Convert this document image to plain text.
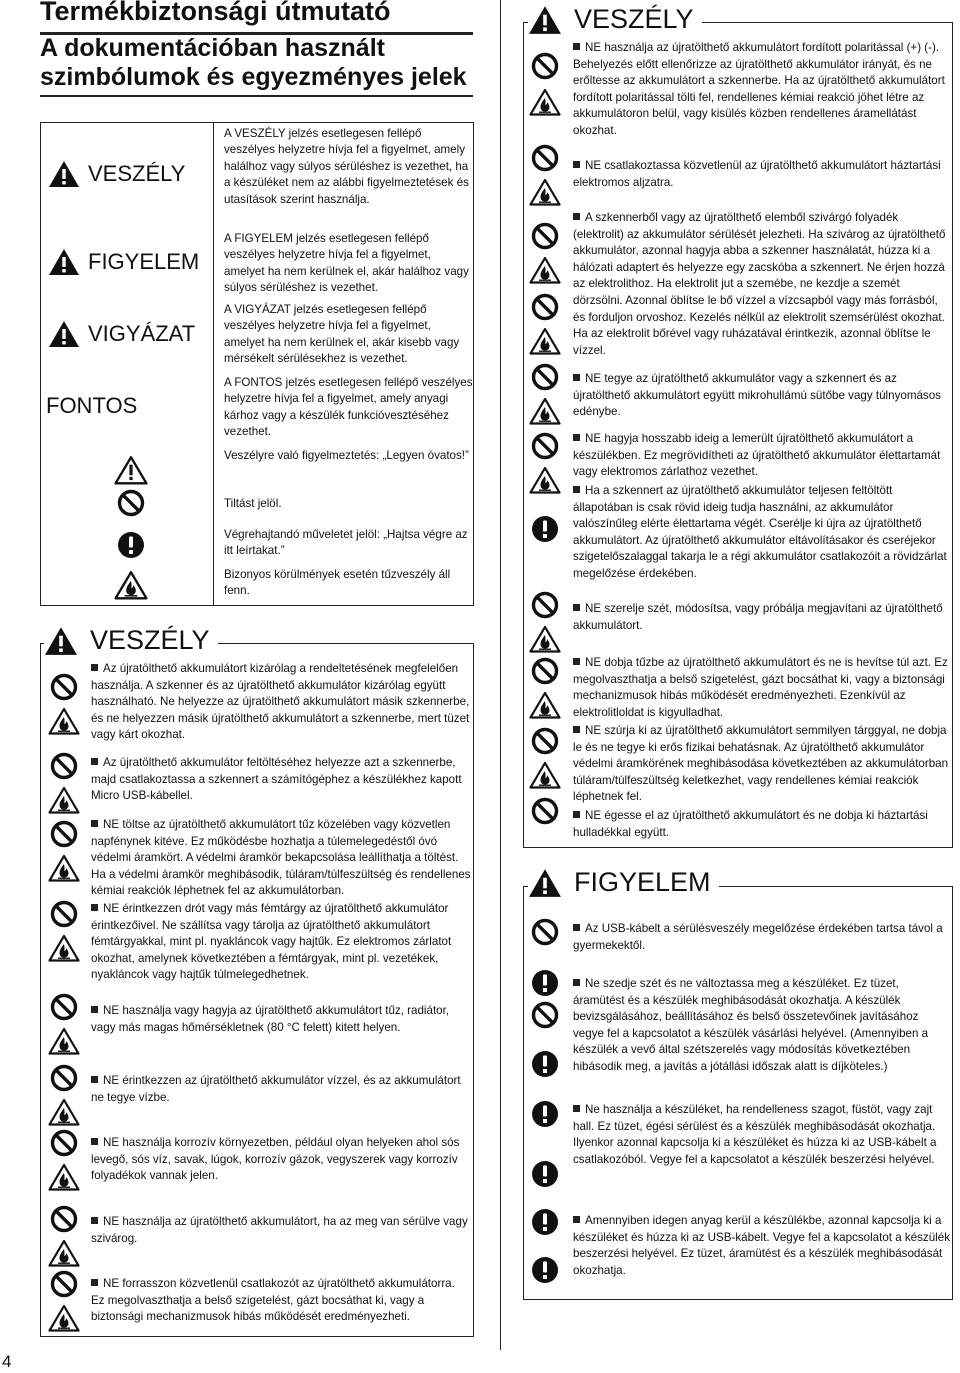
Termékbiztonsági útmutató
A dokumentációban használt szimbólumok és egyezményes jelek
VESZÉLY
FIGYELEM
VIGYÁZAT
FONTOS
A VESZÉLY jelzés esetlegesen fellépő veszélyes helyzetre hívja fel a figyelmet, amely halálhoz vagy súlyos sérüléshez is vezethet, ha a készüléket nem az alábbi figyelmeztetések és utasítások szerint használja.
A FIGYELEM jelzés esetlegesen fellépő veszélyes helyzetre hívja fel a figyelmet, amelyet ha nem kerülnek el, akár halálhoz vagy súlyos sérüléshez is vezethet.
A VIGYÁZAT jelzés esetlegesen fellépő veszélyes helyzetre hívja fel a figyelmet, amelyet ha nem kerülnek el, akár kisebb vagy mérsékelt sérülésekhez is vezethet.
A FONTOS jelzés esetlegesen fellépő veszélyes helyzetre hívja fel a figyelmet, amely anyagi kárhoz vagy a készülék funkcióvesztéséhez vezethet.
Veszélyre való figyelmeztetés: „Legyen óvatos!”
Tiltást jelöl.
Végrehajtandó műveletet jelöl: „Hajtsa végre az itt leírtakat.”
Bizonyos körülmények esetén tűzveszély áll fenn.
VESZÉLY
Az újratölthető akkumulátort kizárólag a rendeltetésének megfelelően használja. A szkenner és az újratölthető akkumulátor kizárólag együtt használható. Ne helyezze az újratölthető akkumulátort másik szkennerbe, és ne helyezzen másik újratölthető akkumulátort a szkennerbe, mert tüzet vagy kárt okozhat.
Az újratölthető akkumulátor feltöltéséhez helyezze azt a szkennerbe, majd csatlakoztassa a szkennert a számítógéphez a készülékhez kapott Micro USB-kábellel.
NE töltse az újratölthető akkumulátort tűz közelében vagy közvetlen napfénynek kitéve. Ez működésbe hozhatja a túlemelegedéstől óvó védelmi áramkört. A védelmi áramkör bekapcsolása leállíthatja a töltést. Ha a védelmi áramkör meghibásodik, túláram/túlfeszültség és rendellenes kémiai reakciók léphetnek fel az akkumulátorban.
NE érintkezzen drót vagy más fémtárgy az újratölthető akkumulátor érintkezőivel. Ne szállítsa vagy tárolja az újratölthető akkumulátort fémtárgyakkal, mint pl. nyakláncok vagy hajtűk. Ez elektromos zárlatot okozhat, amelynek következtében a fémtárgyak, mint pl. vezetékek, nyakláncok vagy hajtűk túlmelegedhetnek.
NE használja vagy hagyja az újratölthető akkumulátort tűz, radiátor, vagy más magas hőmérsékletnek (80 °C felett) kitett helyen.
NE érintkezzen az újratölthető akkumulátor vízzel, és az akkumulátort ne tegye vízbe.
NE használja korrozív környezetben, például olyan helyeken ahol sós levegő, sós víz, savak, lúgok, korrozív gázok, vegyszerek vagy korrozív folyadékok vannak jelen.
NE használja az újratölthető akkumulátort, ha az meg van sérülve vagy szivárog.
NE forrasszon közvetlenül csatlakozót az újratölthető akkumulátorra. Ez megolvaszthatja a belső szigetelést, gázt bocsáthat ki, vagy a biztonsági mechanizmusok hibás működését eredményezheti.
VESZÉLY
NE használja az újratölthető akkumulátort fordított polaritással (+) (-). Behelyezés előtt ellenőrizze az újratölthető akkumulátor irányát, és ne erőltesse az akkumulátort a szkennerbe. Ha az újratölthető akkumulátort fordított polaritással tölti fel, rendellenes kémiai reakció jöhet létre az akkumulátoron belül, vagy kisülés közben rendellenes áramellátást okozhat.
NE csatlakoztassa közvetlenül az újratölthető akkumulátort háztartási elektromos aljzatra.
A szkennerből vagy az újratölthető elemből szivárgó folyadék (elektrolit) az akkumulátor sérülését jelezheti. Ha szivárog az újratölthető akkumulátor, azonnal hagyja abba a szkenner használatát, húzza ki a hálózati adaptert és helyezze egy zacskóba a szkennert. Ne érjen hozzá az elektrolithoz. Ha elektrolit jut a szemébe, ne kezdje a szemét dörzsölni. Azonnal öblítse le bő vízzel a vízcsapból vagy más forrásból, és forduljon orvoshoz. Kezelés nélkül az elektrolit szemsérülést okozhat. Ha az elektrolit bőrével vagy ruházatával érintkezik, azonnal öblítse le vízzel.
NE tegye az újratölthető akkumulátor vagy a szkennert és az újratölthető akkumulátort együtt mikrohullámú sütőbe vagy túlnyomásos edénybe.
NE hagyja hosszabb ideig a lemerült újratölthető akkumulátort a készülékben. Ez megrövidítheti az újratölthető akkumulátor élettartamát vagy elektromos zárlathoz vezethet.
Ha a szkennert az újratölthető akkumulátor teljesen feltöltött állapotában is csak rövid ideig tudja használni, az akkumulátor valószínűleg elérte élettartama végét. Cserélje ki újra az újratölthető akkumulátort. Az újratölthető akkumulátor eltávolításakor és cseréjekor szigetelőszalaggal takarja le a régi akkumulátor csatlakozóit a rövidzárlat megelőzése érdekében.
NE szerelje szét, módosítsa, vagy próbálja megjavítani az újratölthető akkumulátort.
NE dobja tűzbe az újratölthető akkumulátort és ne is hevítse túl azt. Ez megolvaszthatja a belső szigetelést, gázt bocsáthat ki, vagy a biztonsági mechanizmusok hibás működését eredményezheti. Ezenkívül az elektrolitloldat is kigyulladhat.
NE szúrja ki az újratölthető akkumulátort semmilyen tárggyal, ne dobja le és ne tegye ki erős fizikai behatásnak. Az újratölthető akkumulátor védelmi áramkörének meghibásodása következtében az akkumulátorban túláram/túlfeszültség keletkezhet, vagy rendellenes kémiai reakciók léphetnek fel.
NE égesse el az újratölthető akkumulátort és ne dobja ki háztartási hulladékkal együtt.
FIGYELEM
Az USB-kábelt a sérülésveszély megelőzése érdekében tartsa távol a gyermekektől.
Ne szedje szét és ne változtassa meg a készüléket. Ez tüzet, áramütést és a készülék meghibásodását okozhatja. A készülék bevizsgálásához, beállításához és belső összetevőinek javításához vegye fel a kapcsolatot a készülék vásárlási helyével. (Amennyiben a készülék a vevő által szétszerelés vagy módosítás következtében hibásodik meg, a javítás a jótállási időszak alatt is díjköteles.)
Ne használja a készüléket, ha rendelleness szagot, füstöt, vagy zajt hall. Ez tüzet, égési sérülést és a készülék meghibásodását okozhatja. Ilyenkor azonnal kapcsolja ki a készüléket és húzza ki az USB-kábelt a csatlakozóból. Vegye fel a kapcsolatot a készülék beszerzési helyével.
Amennyiben idegen anyag kerül a készülékbe, azonnal kapcsolja ki a készüléket és húzza ki az USB-kábelt. Vegye fel a kapcsolatot a készülék beszerzési helyével. Ez tüzet, áramütést és a készülék meghibásodását okozhatja.
4
